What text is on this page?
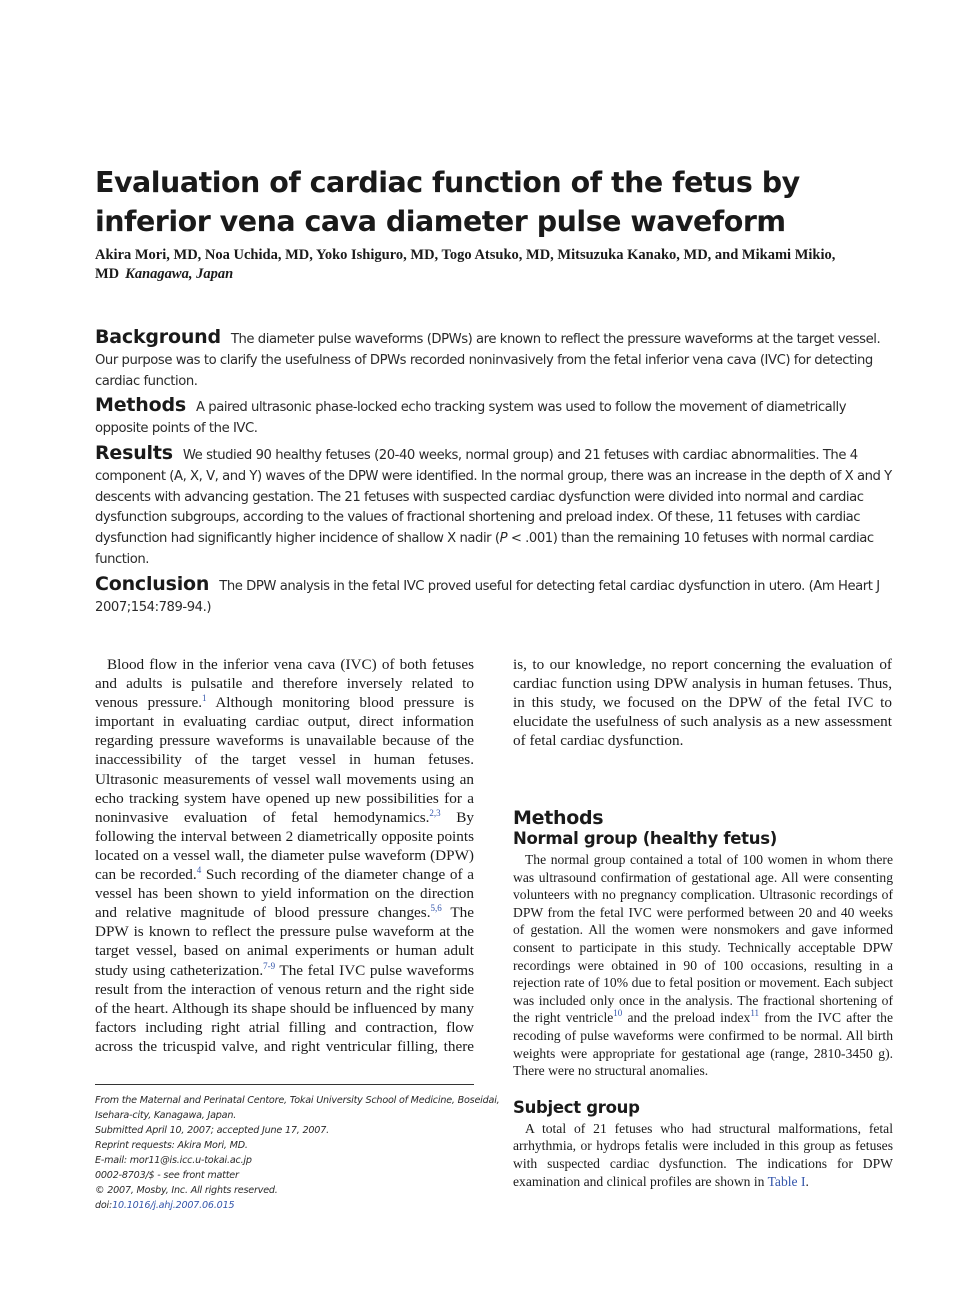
Evaluation of cardiac function of the fetus by inferior vena cava diameter pulse waveform
Akira Mori, MD, Noa Uchida, MD, Yoko Ishiguro, MD, Togo Atsuko, MD, Mitsuzuka Kanako, MD, and Mikami Mikio, MD Kanagawa, Japan

Background The diameter pulse waveforms (DPWs) are known to reflect the pressure waveforms at the target vessel. Our purpose was to clarify the usefulness of DPWs recorded noninvasively from the fetal inferior vena cava (IVC) for detecting cardiac function.

Methods A paired ultrasonic phase-locked echo tracking system was used to follow the movement of diametrically opposite points of the IVC.

Results We studied 90 healthy fetuses (20-40 weeks, normal group) and 21 fetuses with cardiac abnormalities. The 4 component (A, X, V, and Y) waves of the DPW were identified. In the normal group, there was an increase in the depth of X and Y descents with advancing gestation. The 21 fetuses with suspected cardiac dysfunction were divided into normal and cardiac dysfunction subgroups, according to the values of fractional shortening and preload index. Of these, 11 fetuses with cardiac dysfunction had significantly higher incidence of shallow X nadir (P < .001) than the remaining 10 fetuses with normal cardiac function.

Conclusion The DPW analysis in the fetal IVC proved useful for detecting fetal cardiac dysfunction in utero. (Am Heart J 2007;154:789-94.)

Blood flow in the inferior vena cava (IVC) of both fetuses and adults is pulsatile and therefore inversely related to venous pressure.$^1$ Although monitoring blood pressure is important in evaluating cardiac output, direct information regarding pressure waveforms is unavailable because of the inaccessibility of the target vessel in human fetuses. Ultrasonic measurements of vessel wall movements using an echo tracking system have opened up new possibilities for a noninvasive evaluation of fetal hemodynamics.$^{2,3}$ By following the interval between 2 diametrically opposite points located on a vessel wall, the diameter pulse waveform (DPW) can be recorded.$^4$ Such recording of the diameter change of a vessel has been shown to yield information on the direction and relative magnitude of blood pressure changes.$^{5,6}$ The DPW is known to reflect the pressure pulse waveform at the target vessel, based on animal experiments or human adult study using catheterization.$^{7-9}$ The fetal IVC pulse waveforms result from the interaction of venous return and the right side of the heart. Although its shape should be influenced by many factors including right atrial filling and contraction, flow across the tricuspid valve, and right ventricular filling, there

Methods
Normal group (healthy fetus)

The normal group contained a total of 100 women in whom there was ultrasound confirmation of gestational age. All were consenting volunteers with no pregnancy complication. Ultrasonic recordings of DPW from the fetal IVC were performed between 20 and 40 weeks of gestation. All the women were nonsmokers and gave informed consent to participate in this study. Technically acceptable DPW recordings were obtained in 90 of 100 occasions, resulting in a rejection rate of 10% due to fetal position or movement. Each subject was included only once in the analysis. The fractional shortening of the right ventricle$^{10}$ and the preload index$^{11}$ from the IVC after the recoding of pulse waveforms were confirmed to be normal. All birth weights were appropriate for gestational age (range, 2810-3450 g). There were no structural anomalies.

Subject group

A total of 21 fetuses who had structural malformations, fetal arrhythmia, or hydrops fetalis were included in this group as fetuses with suspected cardiac dysfunction. The indications for DPW examination and clinical profiles are shown in Table I.

From the Maternal and Perinatal Centore, Tokai University School of Medicine, Boseidai,
Isehara-city, Kanagawa, Japan.
Submitted April 10, 2007; accepted June 17, 2007.
Reprint requests: Akira Mori, MD.
E-mail: mor11@is.icc.u-tokai.ac.jp
0002-8703/$ - see front matter
© 2007, Mosby, Inc. All rights reserved.
doi:10.1016/j.ahj.2007.06.015

is, to our knowledge, no report concerning the evaluation of cardiac function using DPW analysis in human fetuses. Thus, in this study, we focused on the DPW of the fetal IVC to elucidate the usefulness of such analysis as a new assessment of fetal cardiac dysfunction.
